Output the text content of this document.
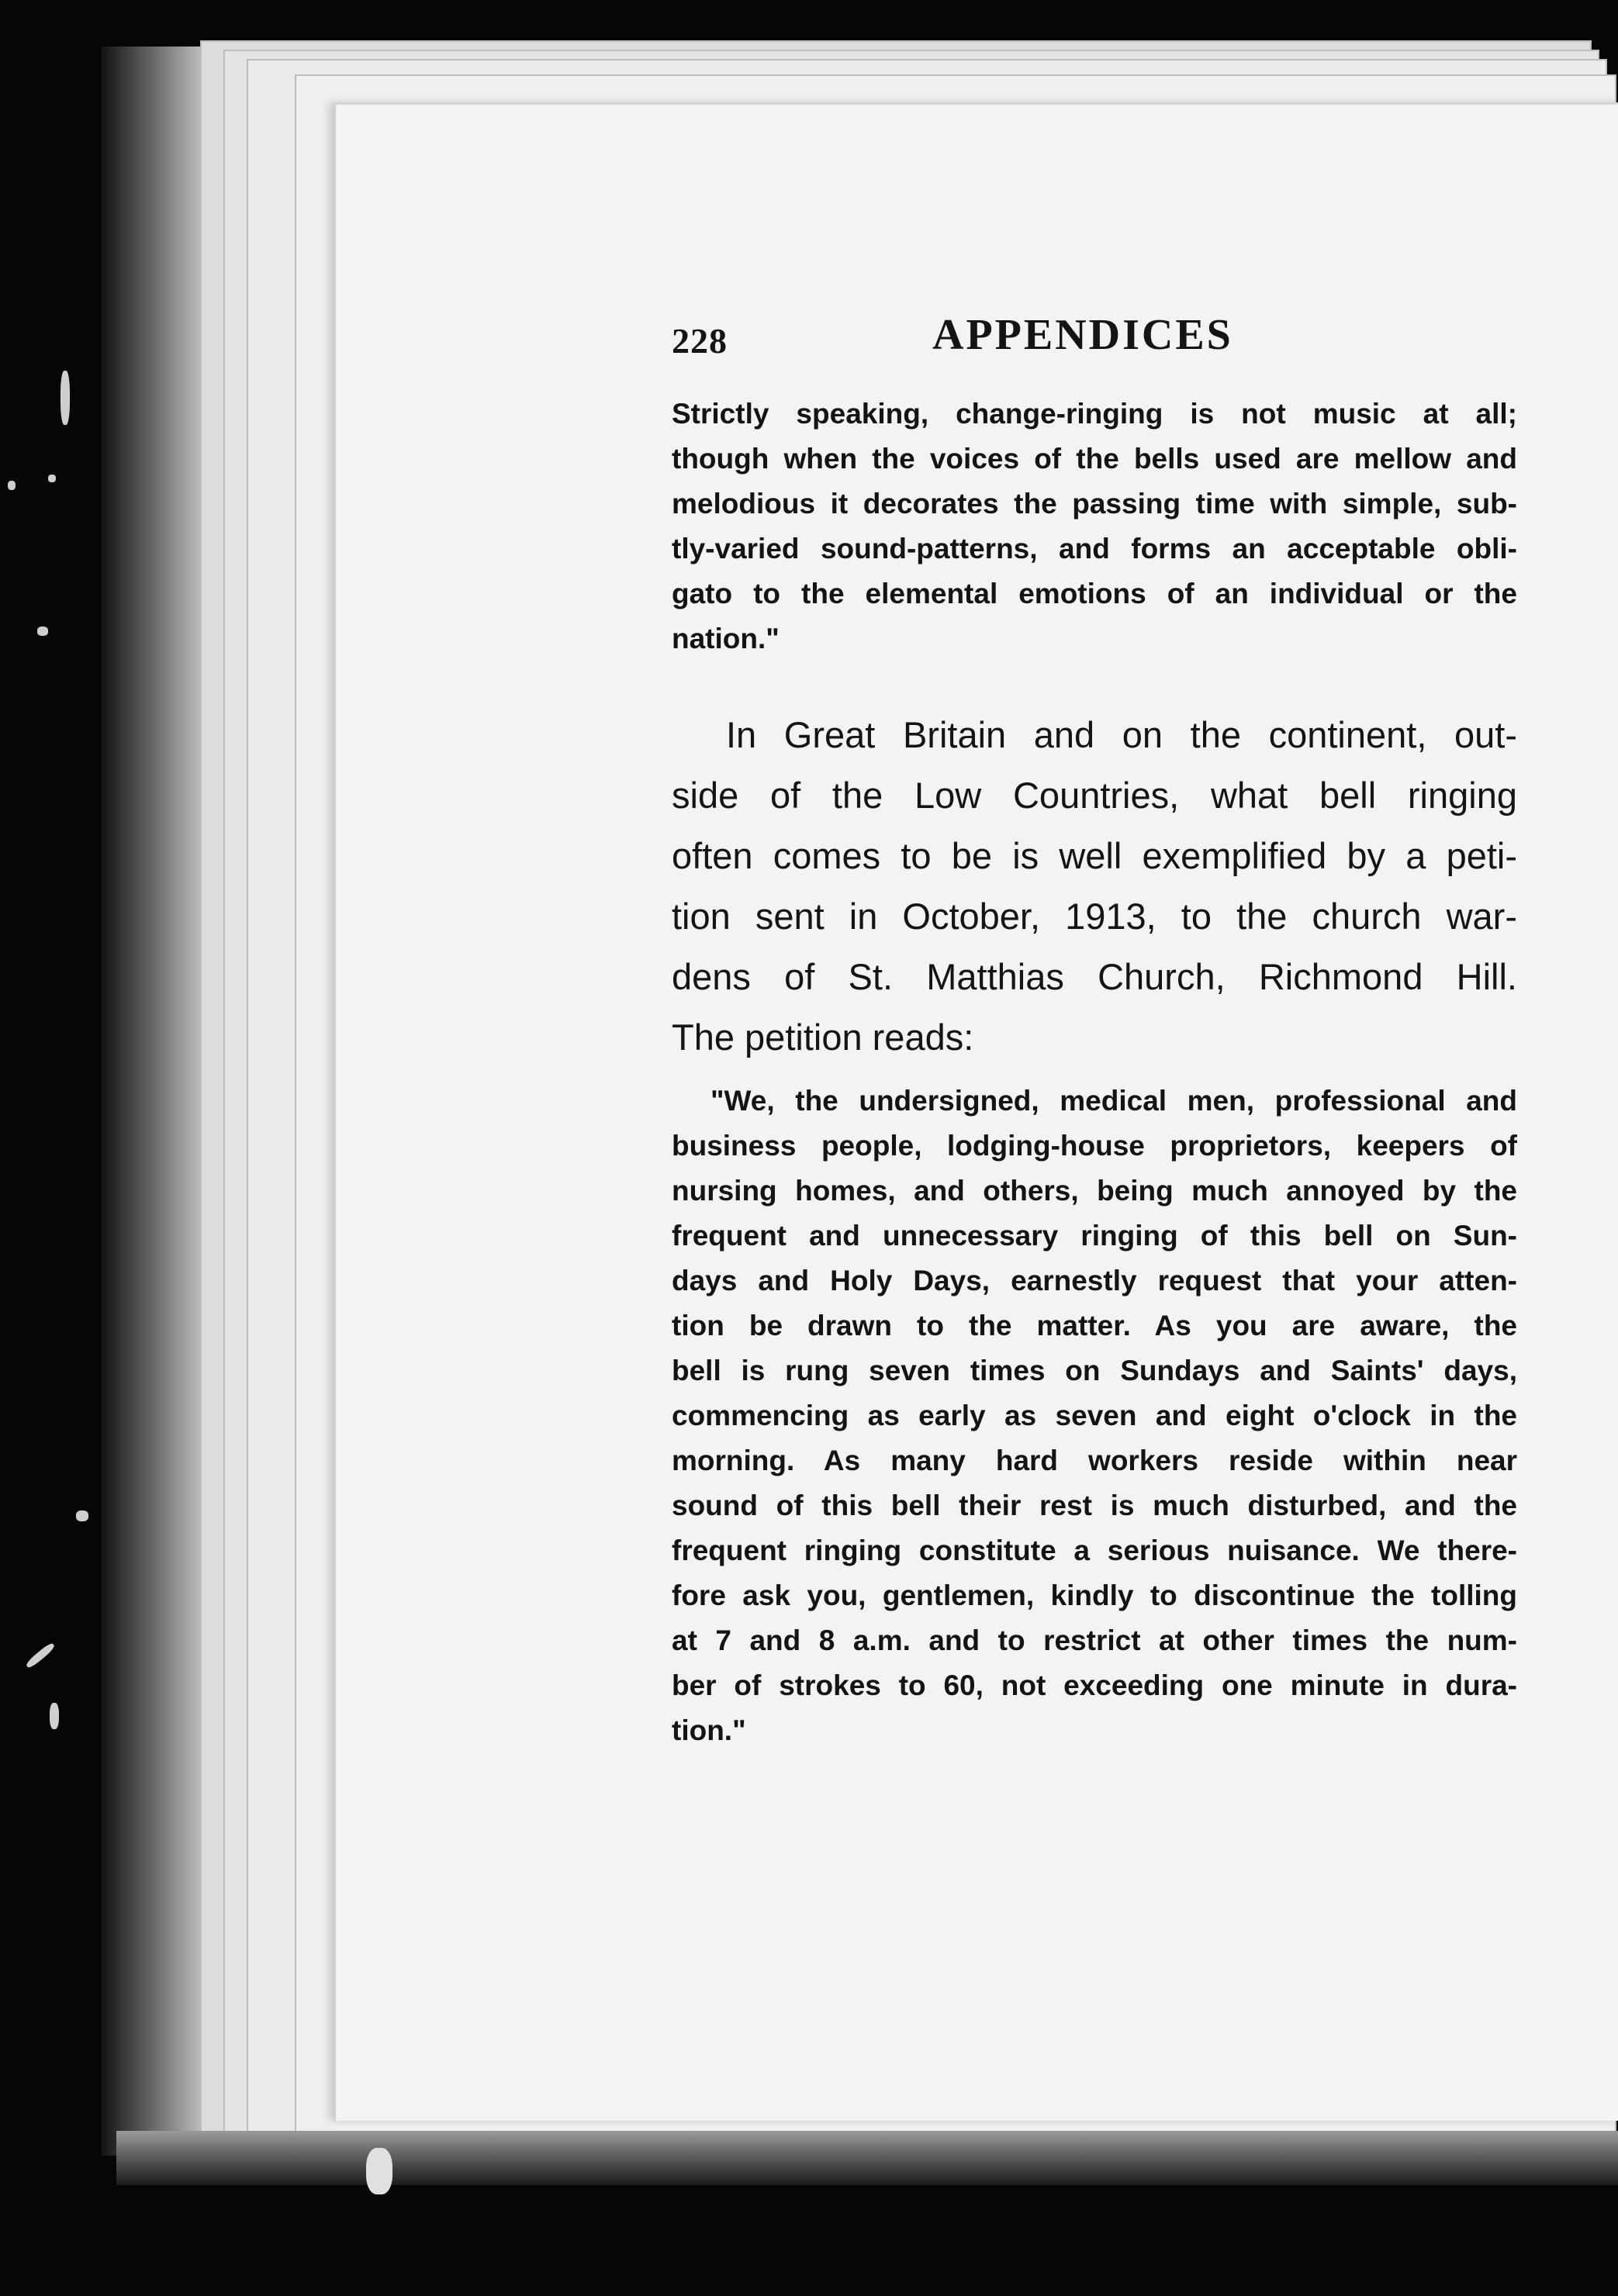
228	APPENDICES
Strictly speaking, change-ringing is not music at all;
though when the voices of the bells used are mellow and
melodious it decorates the passing time with simple, sub-
tly-varied sound-patterns, and forms an acceptable obli-
gato to the elemental emotions of an individual or the
nation."
In Great Britain and on the continent, out-
side of the Low Countries, what bell ringing
often comes to be is well exemplified by a peti-
tion sent in October, 1913, to the church war-
dens of St. Matthias Church, Richmond Hill.
The petition reads:
"We, the undersigned, medical men, professional and
business people, lodging-house proprietors, keepers of
nursing homes, and others, being much annoyed by the
frequent and unnecessary ringing of this bell on Sun-
days and Holy Days, earnestly request that your atten-
tion be drawn to the matter. As you are aware, the
bell is rung seven times on Sundays and Saints' days,
commencing as early as seven and eight o'clock in the
morning. As many hard workers reside within near
sound of this bell their rest is much disturbed, and the
frequent ringing constitute a serious nuisance. We there-
fore ask you, gentlemen, kindly to discontinue the tolling
at 7 and 8 a.m. and to restrict at other times the num-
ber of strokes to 60, not exceeding one minute in dura-
tion."
